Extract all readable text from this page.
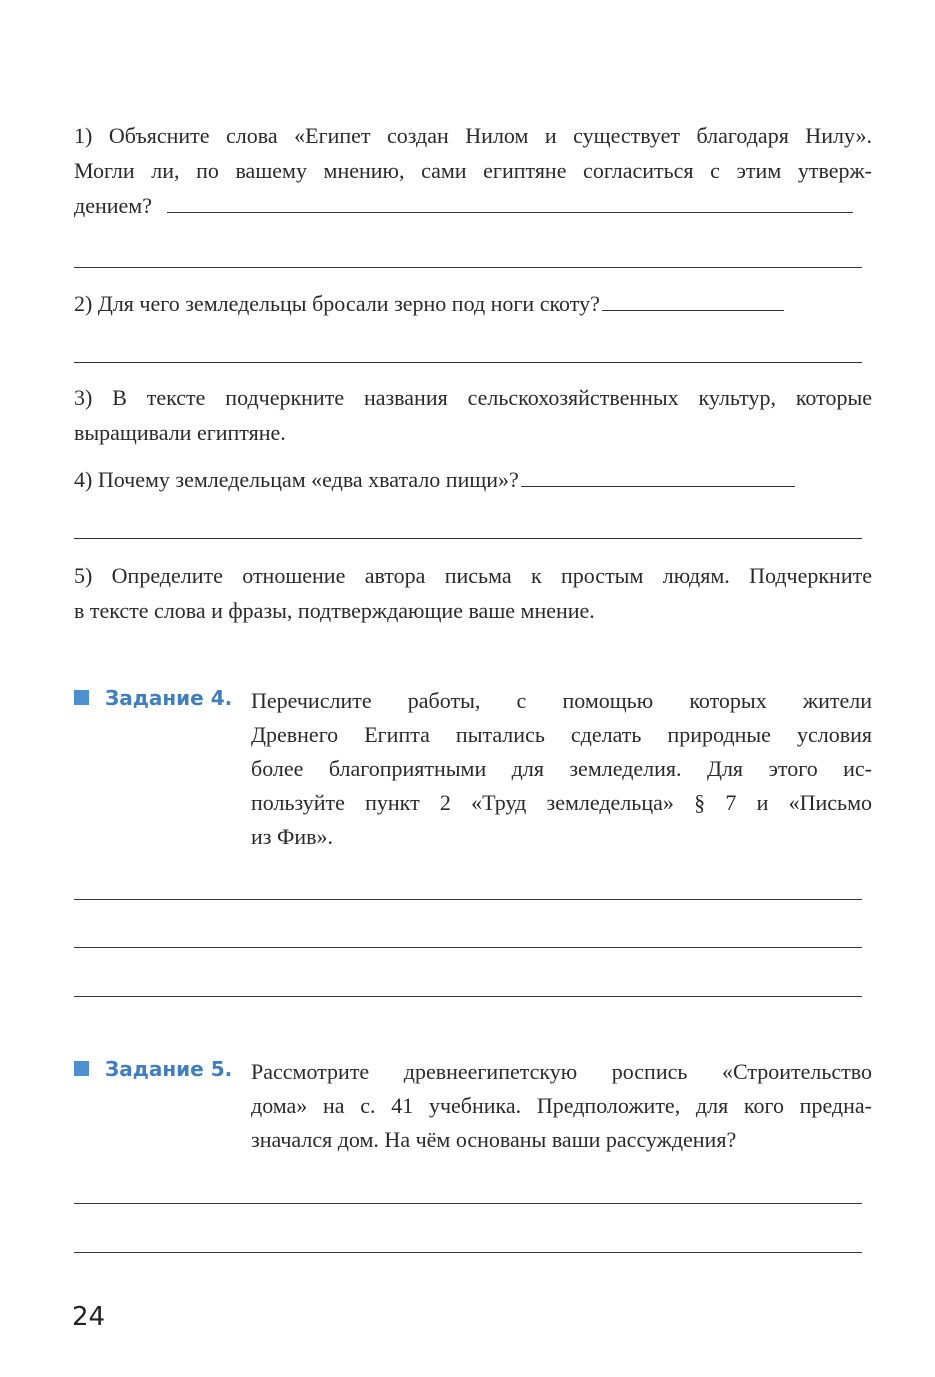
1) Объясните слова «Египет создан Нилом и существует благодаря Нилу».
Могли ли, по вашему мнению, сами египтяне согласиться с этим утверж-
дением?
2) Для чего земледельцы бросали зерно под ноги скоту?
3) В тексте подчеркните названия сельскохозяйственных культур, которые
выращивали египтяне.
4) Почему земледельцам «едва хватало пищи»?
5) Определите отношение автора письма к простым людям. Подчеркните
в тексте слова и фразы, подтверждающие ваше мнение.
Задание 4. Перечислите работы, с помощью которых жители
Древнего Египта пытались сделать природные условия
более благоприятными для земледелия. Для этого ис-
пользуйте пункт 2 «Труд земледельца» § 7 и «Письмо
из Фив».
Задание 5. Рассмотрите древнеегипетскую роспись «Строительство
дома» на с. 41 учебника. Предположите, для кого предна-
значался дом. На чём основаны ваши рассуждения?
24
